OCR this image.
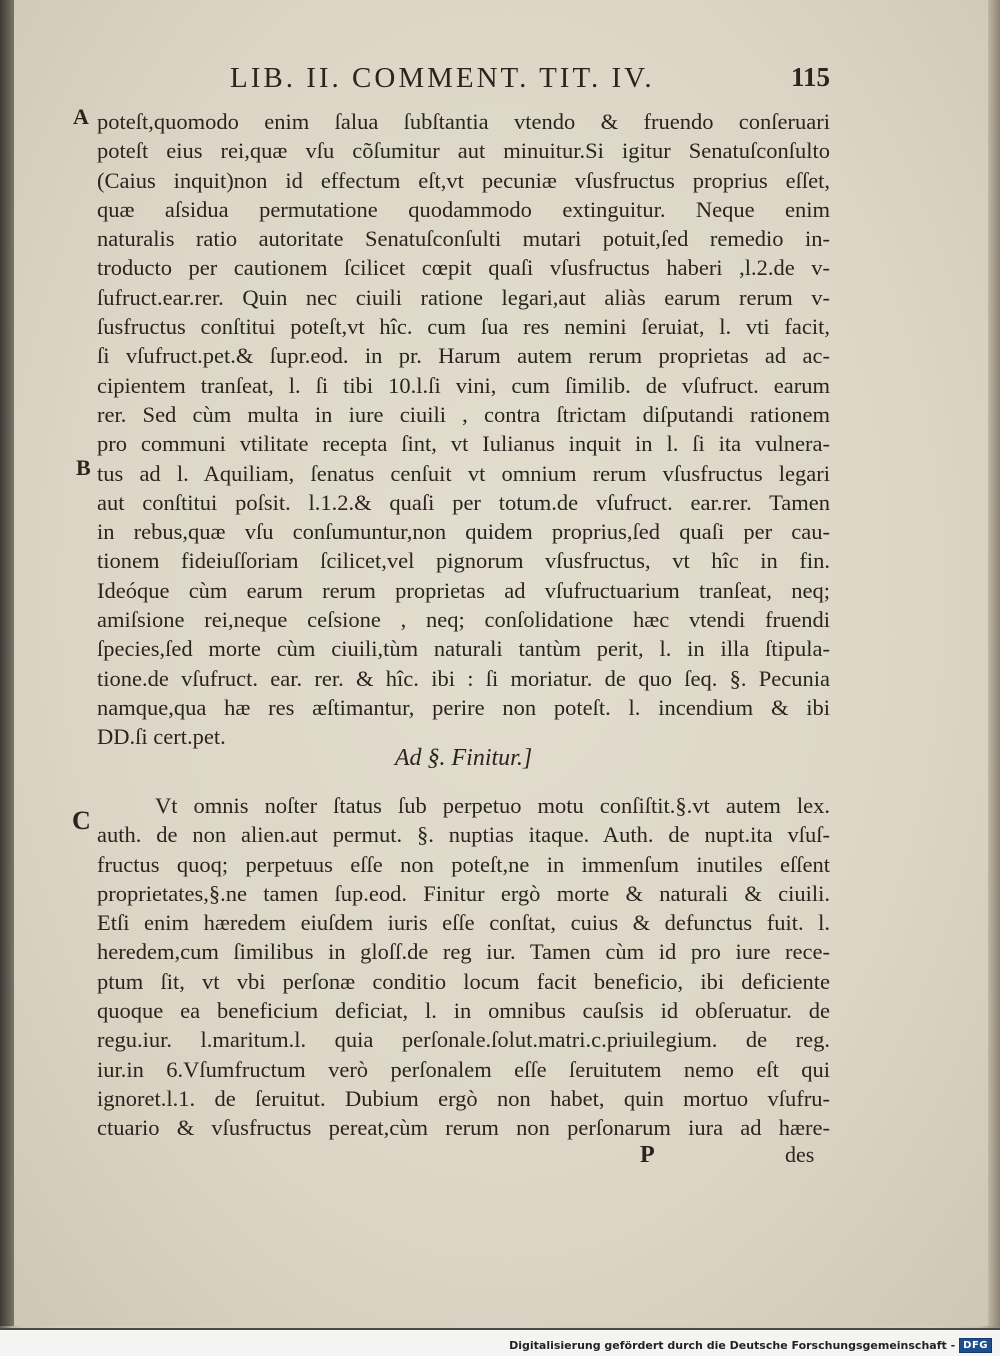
LIB. II. COMMENT. TIT. IV.	115
A
B
C
poteſt,quomodo enim ſalua ſubſtantia vtendo & fruendo conſeruari
poteſt eius rei,quæ vſu cõſumitur aut minuitur.Si igitur Senatuſconſulto
(Caius inquit)non id effectum eſt,vt pecuniæ vſusfructus proprius eſſet,
quæ aſsidua permutatione quodammodo extinguitur. Neque enim
naturalis ratio autoritate Senatuſconſulti mutari potuit,ſed remedio in-
troducto per cautionem ſcilicet cœpit quaſi vſusfructus haberi ,l.2.de v-
ſufruct.ear.rer. Quin nec ciuili ratione legari,aut aliàs earum rerum v-
ſusfructus conſtitui poteſt,vt hîc. cum ſua res nemini ſeruiat, l. vti facit,
ſi vſufruct.pet.& ſupr.eod. in pr. Harum autem rerum proprietas ad ac-
cipientem tranſeat, l. ſi tibi 10.l.ſi vini, cum ſimilib. de vſufruct. earum
rer. Sed cùm multa in iure ciuili , contra ſtrictam diſputandi rationem
pro communi vtilitate recepta ſint, vt Iulianus inquit in l. ſi ita vulnera-
tus ad l. Aquiliam, ſenatus cenſuit vt omnium rerum vſusfructus legari
aut conſtitui poſsit. l.1.2.& quaſi per totum.de vſufruct. ear.rer. Tamen
in rebus,quæ vſu conſumuntur,non quidem proprius,ſed quaſi per cau-
tionem fideiuſſoriam ſcilicet,vel pignorum vſusfructus, vt hîc in fin.
Ideóque cùm earum rerum proprietas ad vſufructuarium tranſeat, neq;
amiſsione rei,neque ceſsione , neq; conſolidatione hæc vtendi fruendi
ſpecies,ſed morte cùm ciuili,tùm naturali tantùm perit, l. in illa ſtipula-
tione.de vſufruct. ear. rer. & hîc. ibi : ſi moriatur. de quo ſeq. §. Pecunia
namque,qua hæ res æſtimantur, perire non poteſt. l. incendium & ibi
DD.ſi cert.pet.
Ad §. Finitur.]
Vt omnis noſter ſtatus ſub perpetuo motu conſiſtit.§.vt autem lex.
auth. de non alien.aut permut. §. nuptias itaque. Auth. de nupt.ita vſuſ-
fructus quoq; perpetuus eſſe non poteſt,ne in immenſum inutiles eſſent
proprietates,§.ne tamen ſup.eod. Finitur ergò morte & naturali & ciuili.
Etſi enim hæredem eiuſdem iuris eſſe conſtat, cuius & defunctus fuit. l.
heredem,cum ſimilibus in gloſſ.de reg iur. Tamen cùm id pro iure rece-
ptum ſit, vt vbi perſonæ conditio locum facit beneficio, ibi deficiente
quoque ea beneficium deficiat, l. in omnibus cauſsis id obſeruatur. de
regu.iur. l.maritum.l. quia perſonale.ſolut.matri.c.priuilegium. de reg.
iur.in 6.Vſumfructum verò perſonalem eſſe ſeruitutem nemo eſt qui
ignoret.l.1. de ſeruitut. Dubium ergò non habet, quin mortuo vſufru-
ctuario & vſusfructus pereat,cùm rerum non perſonarum iura ad hære-
P	des
Digitalisierung gefördert durch die Deutsche Forschungsgemeinschaft - DFG
